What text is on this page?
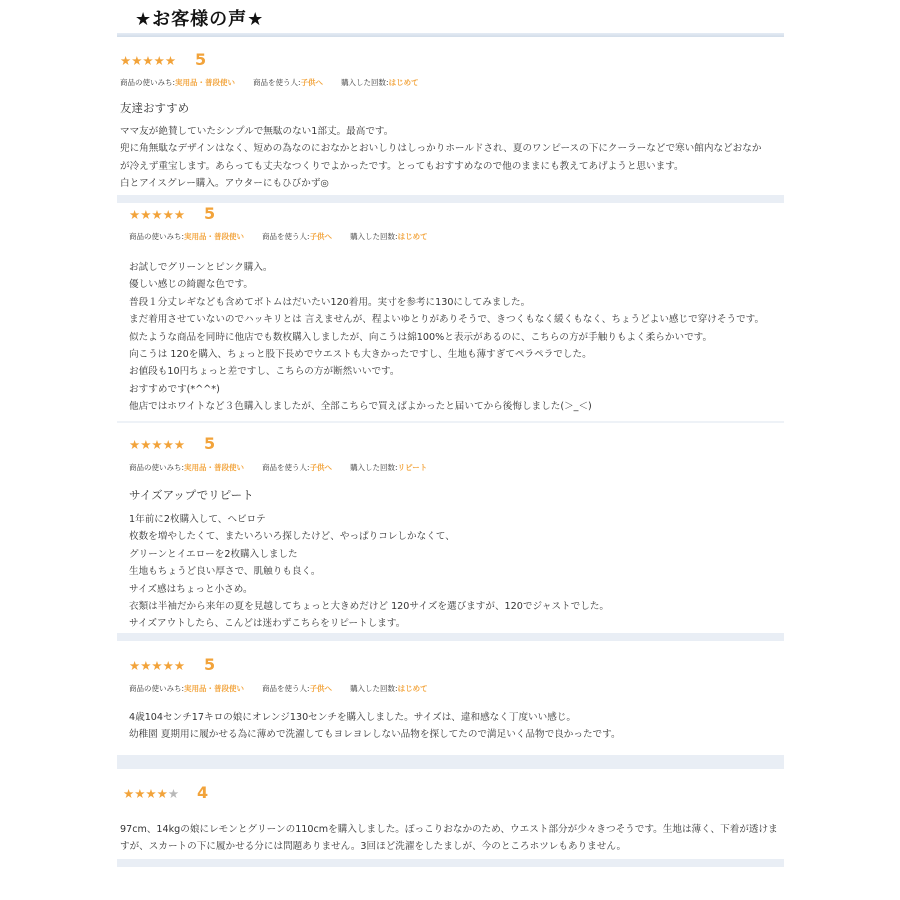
★お客様の声★
★★★★★ 5
商品の使いみち:実用品・普段使い 商品を使う人:子供へ 購入した回数:はじめて
友達おすすめ
ママ友が絶賛していたシンプルで無駄のない1部丈。最高です。
兜に角無駄なデザインはなく、短めの為なのにおなかとおいしりはしっかりホールドされ、夏のワンピースの下にクーラーなどで寒い館内などおなか
が冷えず重宝します。あらっても丈夫なつくりでよかったです。とってもおすすめなので他のままにも教えてあげようと思います。
白とアイスグレー購入。アウターにもひびかず◎
★★★★★ 5
商品の使いみち:実用品・普段使い 商品を使う人:子供へ 購入した回数:はじめて
お試しでグリーンとピンク購入。
優しい感じの綺麗な色です。
普段１分丈レギなども含めてボトムはだいたい120着用。実寸を参考に130にしてみました。
まだ着用させていないのでハッキリとは 言えませんが、程よいゆとりがありそうで、きつくもなく緩くもなく、ちょうどよい感じで穿けそうです。
似たような商品を同時に他店でも数枚購入しましたが、向こうは綿100%と表示があるのに、こちらの方が手触りもよく柔らかいです。
向こうは 120を購入、ちょっと股下長めでウエストも大きかったですし、生地も薄すぎてペラペラでした。
お値段も10円ちょっと差ですし、こちらの方が断然いいです。
おすすめです(*^^*)
他店ではホワイトなど３色購入しましたが、全部こちらで買えばよかったと届いてから後悔しました(＞_＜)
★★★★★ 5
商品の使いみち:実用品・普段使い 商品を使う人:子供へ 購入した回数:リピート
サイズアップでリピート
1年前に2枚購入して、ヘビロテ
枚数を増やしたくて、またいろいろ探したけど、やっぱりコレしかなくて、
グリーンとイエローを2枚購入しました
生地もちょうど良い厚さで、肌触りも良く。
サイズ感はちょっと小さめ。
衣類は半袖だから来年の夏を見越してちょっと大きめだけど 120サイズを選びますが、120でジャストでした。
サイズアウトしたら、こんどは迷わずこちらをリピートします。
★★★★★ 5
商品の使いみち:実用品・普段使い 商品を使う人:子供へ 購入した回数:はじめて
4歳104センチ17キロの娘にオレンジ130センチを購入しました。サイズは、違和感なく丁度いい感じ。
幼稚園 夏期用に履かせる為に薄めで洗濯してもヨレヨレしない品物を探してたので満足いく品物で良かったです。
★★★★★ 4
97cm、14kgの娘にレモンとグリーンの110cmを購入しました。ぽっこりおなかのため、ウエスト部分が少々きつそうです。生地は薄く、下着が透けま
すが、スカートの下に履かせる分には問題ありません。3回ほど洗濯をしたましが、今のところホツレもありません。
